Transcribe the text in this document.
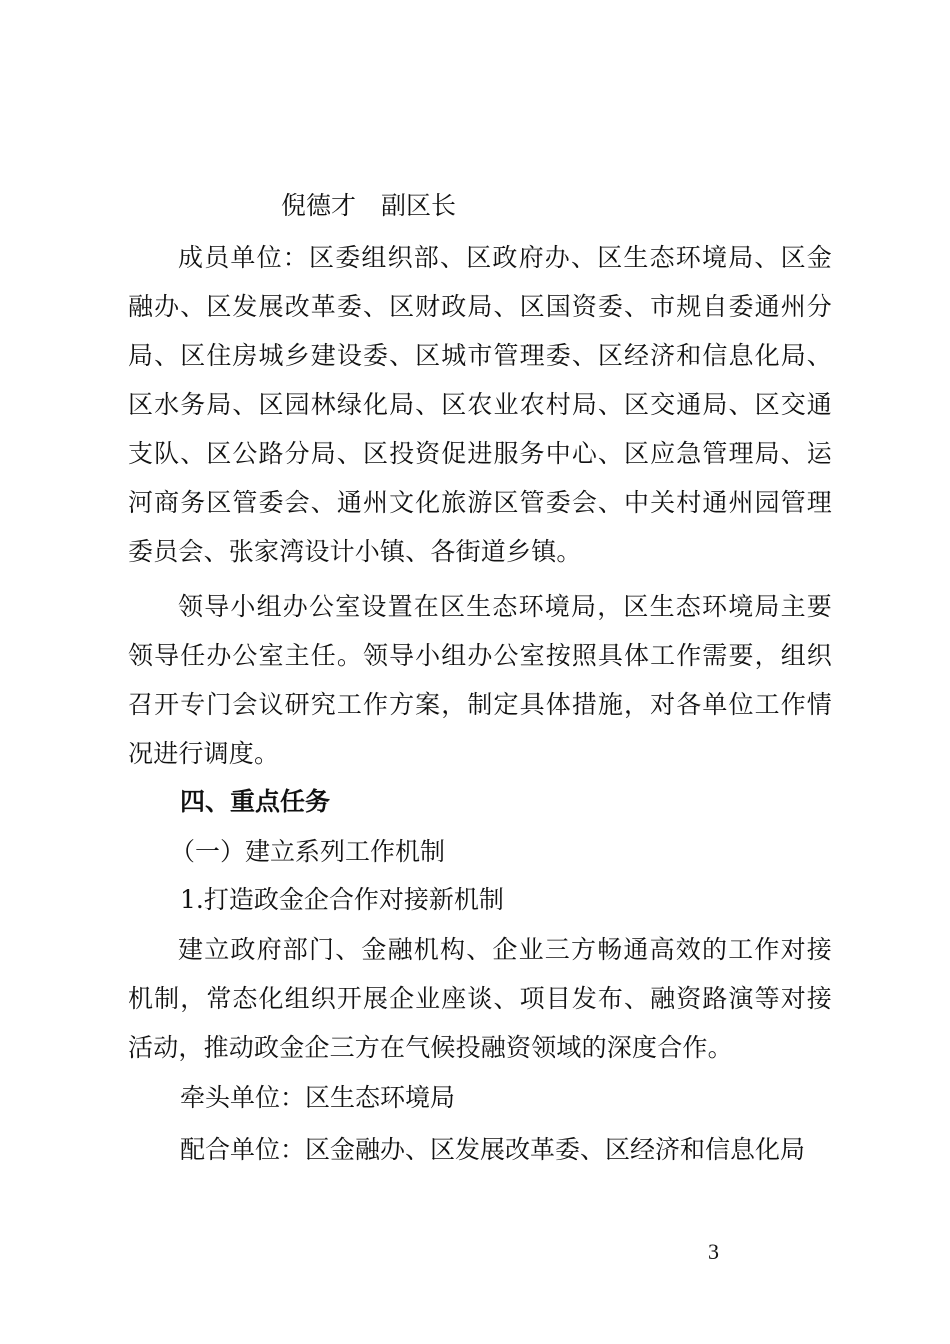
倪德才　副区长

成员单位：区委组织部、区政府办、区生态环境局、区金融办、区发展改革委、区财政局、区国资委、市规自委通州分局、区住房城乡建设委、区城市管理委、区经济和信息化局、区水务局、区园林绿化局、区农业农村局、区交通局、区交通支队、区公路分局、区投资促进服务中心、区应急管理局、运河商务区管委会、通州文化旅游区管委会、中关村通州园管理委员会、张家湾设计小镇、各街道乡镇。

领导小组办公室设置在区生态环境局，区生态环境局主要领导任办公室主任。领导小组办公室按照具体工作需要，组织召开专门会议研究工作方案，制定具体措施，对各单位工作情况进行调度。

四、重点任务
（一）建立系列工作机制
1.打造政金企合作对接新机制

建立政府部门、金融机构、企业三方畅通高效的工作对接机制，常态化组织开展企业座谈、项目发布、融资路演等对接活动，推动政金企三方在气候投融资领域的深度合作。

牵头单位：区生态环境局
配合单位：区金融办、区发展改革委、区经济和信息化局
3
